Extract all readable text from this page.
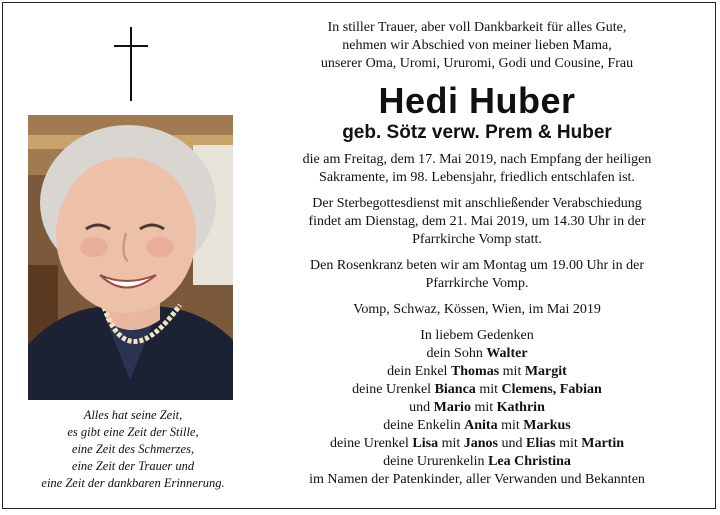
Alles hat seine Zeit,
es gibt eine Zeit der Stille,
eine Zeit des Schmerzes,
eine Zeit der Trauer und
eine Zeit der dankbaren Erinnerung.

In stiller Trauer, aber voll Dankbarkeit für alles Gute,
nehmen wir Abschied von meiner lieben Mama,
unserer Oma, Uromi, Ururomi, Godi und Cousine, Frau

Hedi Huber

geb. Sötz verw. Prem & Huber

die am Freitag, dem 17. Mai 2019, nach Empfang der heiligen
Sakramente, im 98. Lebensjahr, friedlich entschlafen ist.

Der Sterbegottesdienst mit anschließender Verabschiedung
findet am Dienstag, dem 21. Mai 2019, um 14.30 Uhr in der
Pfarrkirche Vomp statt.

Den Rosenkranz beten wir am Montag um 19.00 Uhr in der
Pfarrkirche Vomp.

Vomp, Schwaz, Kössen, Wien, im Mai 2019

In liebem Gedenken
dein Sohn Walter
dein Enkel Thomas mit Margit
deine Urenkel Bianca mit Clemens, Fabian
und Mario mit Kathrin
deine Enkelin Anita mit Markus
deine Urenkel Lisa mit Janos und Elias mit Martin
deine Ururenkelin Lea Christina
im Namen der Patenkinder, aller Verwanden und Bekannten
